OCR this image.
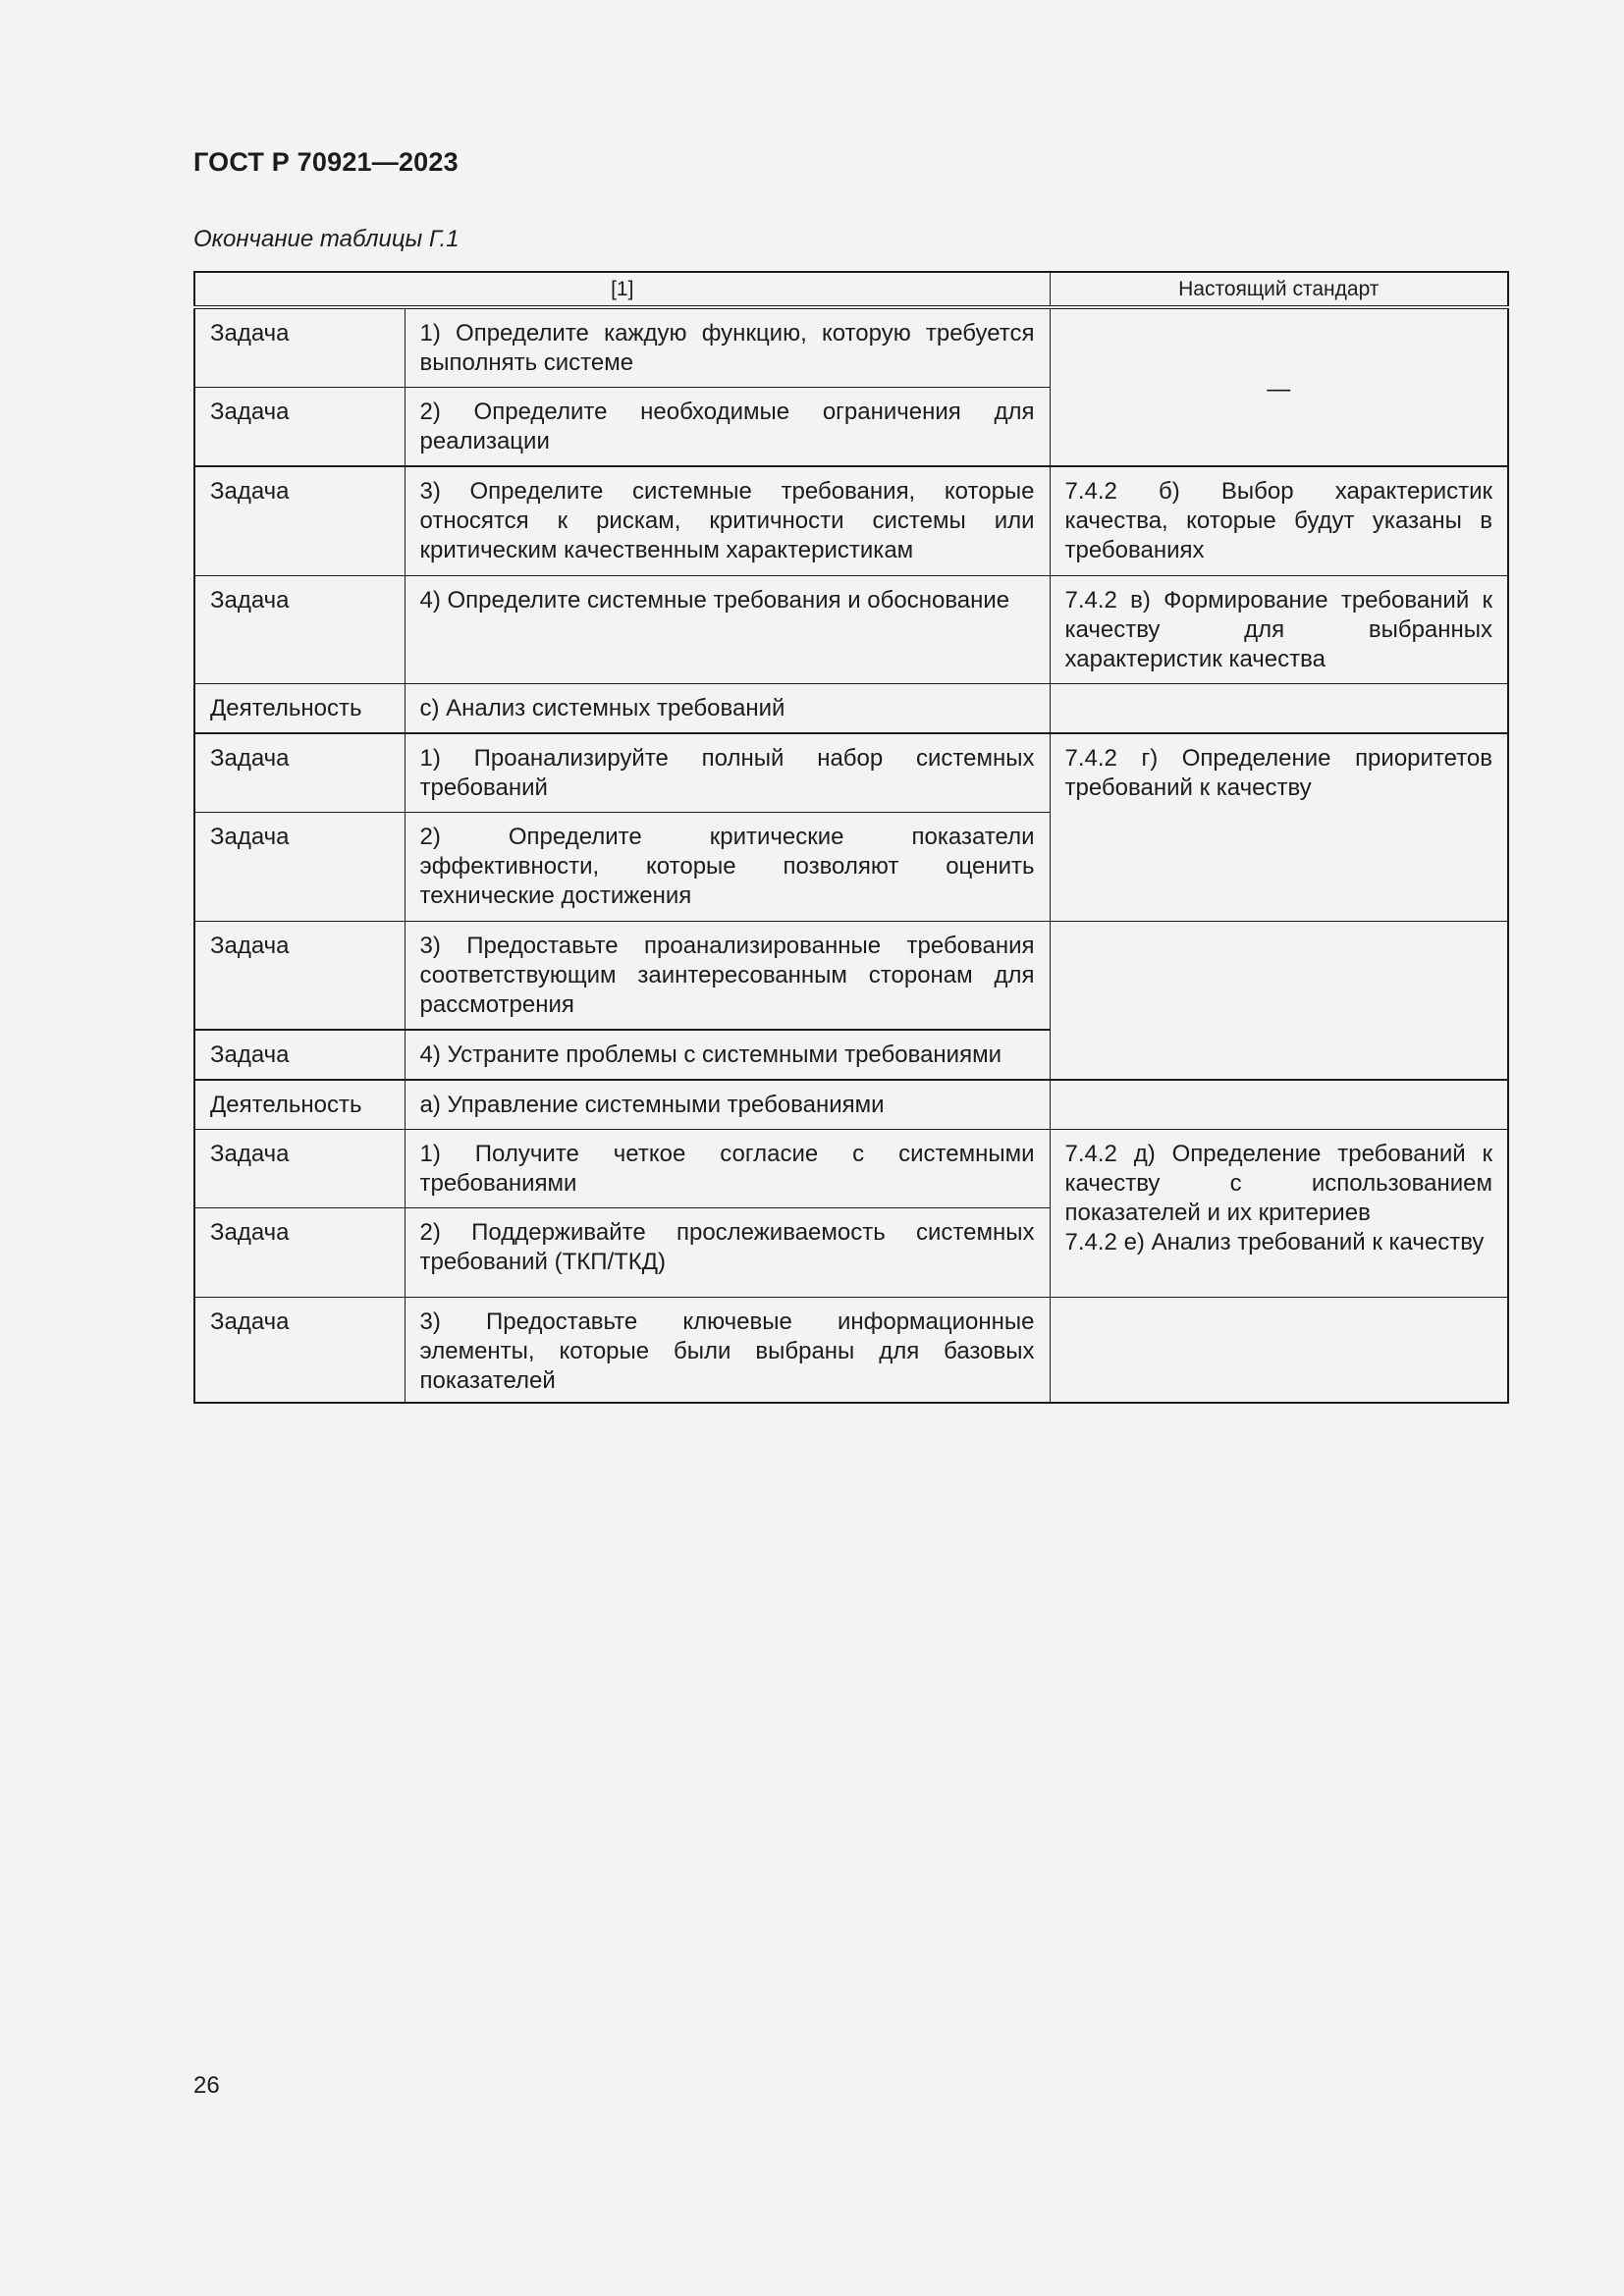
ГОСТ Р 70921—2023
Окончание таблицы Г.1
[1]		Настоящий стандарт
Задача	1) Определите каждую функцию, которую требуется выполнять системе	—
Задача	2) Определите необходимые ограничения для реализации	
Задача	3) Определите системные требования, которые относятся к рискам, критичности системы или критическим качественным характеристикам	7.4.2 б) Выбор характеристик качества, которые будут указаны в требованиях
Задача	4) Определите системные требования и обоснование	7.4.2 в) Формирование требований к качеству для выбранных характеристик качества
Деятельность	c) Анализ системных требований	
Задача	1) Проанализируйте полный набор системных требований	7.4.2 г) Определение приоритетов требований к качеству
Задача	2) Определите критические показатели эффективности, которые позволяют оценить технические достижения	
Задача	3) Предоставьте проанализированные требования соответствующим заинтересованным сторонам для рассмотрения	
Задача	4) Устраните проблемы с системными требованиями	
Деятельность	а) Управление системными требованиями	
Задача	1) Получите четкое согласие с системными требованиями	7.4.2 д) Определение требований к качеству с использованием показателей и их критериев
7.4.2 е) Анализ требований к качеству

Задача	2) Поддерживайте прослеживаемость системных требований (ТКП/ТКД)	
Задача	3) Предоставьте ключевые информационные элементы, которые были выбраны для базовых показателей	
26
